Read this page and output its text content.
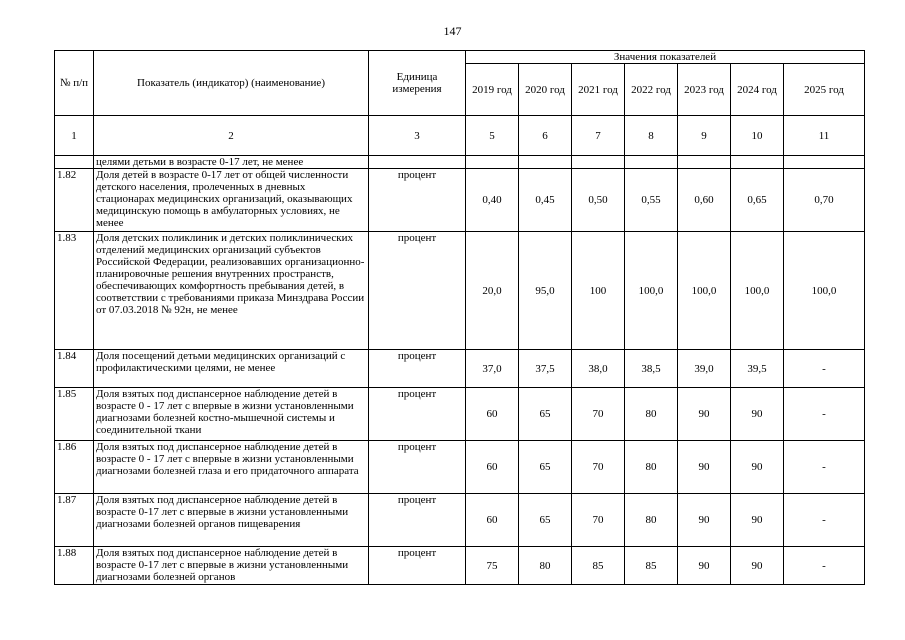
147
№ п/п	Показатель (индикатор) (наименование)	Единица измерения	Значения показателей						
			2019 год	2020 год	2021 год	2022 год	2023 год	2024 год	2025 год
1	2	3	5	6	7	8	9	10	11
	целями детьми в возрасте 0-17 лет, не менее								
1.82	Доля детей в возрасте 0-17 лет от общей численности детского населения, пролеченных в дневных стационарах медицинских организаций, оказывающих медицинскую помощь в амбулаторных условиях, не менее	процент	0,40	0,45	0,50	0,55	0,60	0,65	0,70
1.83	Доля детских поликлиник и детских поликлинических отделений медицинских организаций субъектов Российской Федерации, реализовавших организационно-планировочные решения внутренних пространств, обеспечивающих комфортность пребывания детей, в соответствии с требованиями приказа Минздрава России от 07.03.2018 № 92н, не менее	процент	20,0	95,0	100	100,0	100,0	100,0	100,0
1.84	Доля посещений детьми медицинских организаций с профилактическими целями, не менее	процент	37,0	37,5	38,0	38,5	39,0	39,5	-
1.85	Доля взятых под диспансерное наблюдение детей в возрасте 0 - 17 лет с впервые в жизни установленными диагнозами болезней костно-мышечной системы и соединительной ткани	процент	60	65	70	80	90	90	-
1.86	Доля взятых под диспансерное наблюдение детей в возрасте 0 - 17 лет с впервые в жизни установленными диагнозами болезней глаза и его придаточного аппарата	процент	60	65	70	80	90	90	-
1.87	Доля взятых под диспансерное наблюдение детей в возрасте 0-17 лет с впервые в жизни установленными диагнозами болезней органов пищеварения	процент	60	65	70	80	90	90	-
1.88	Доля взятых под диспансерное наблюдение детей в возрасте 0-17 лет с впервые в жизни установленными диагнозами болезней органов	процент	75	80	85	85	90	90	-
